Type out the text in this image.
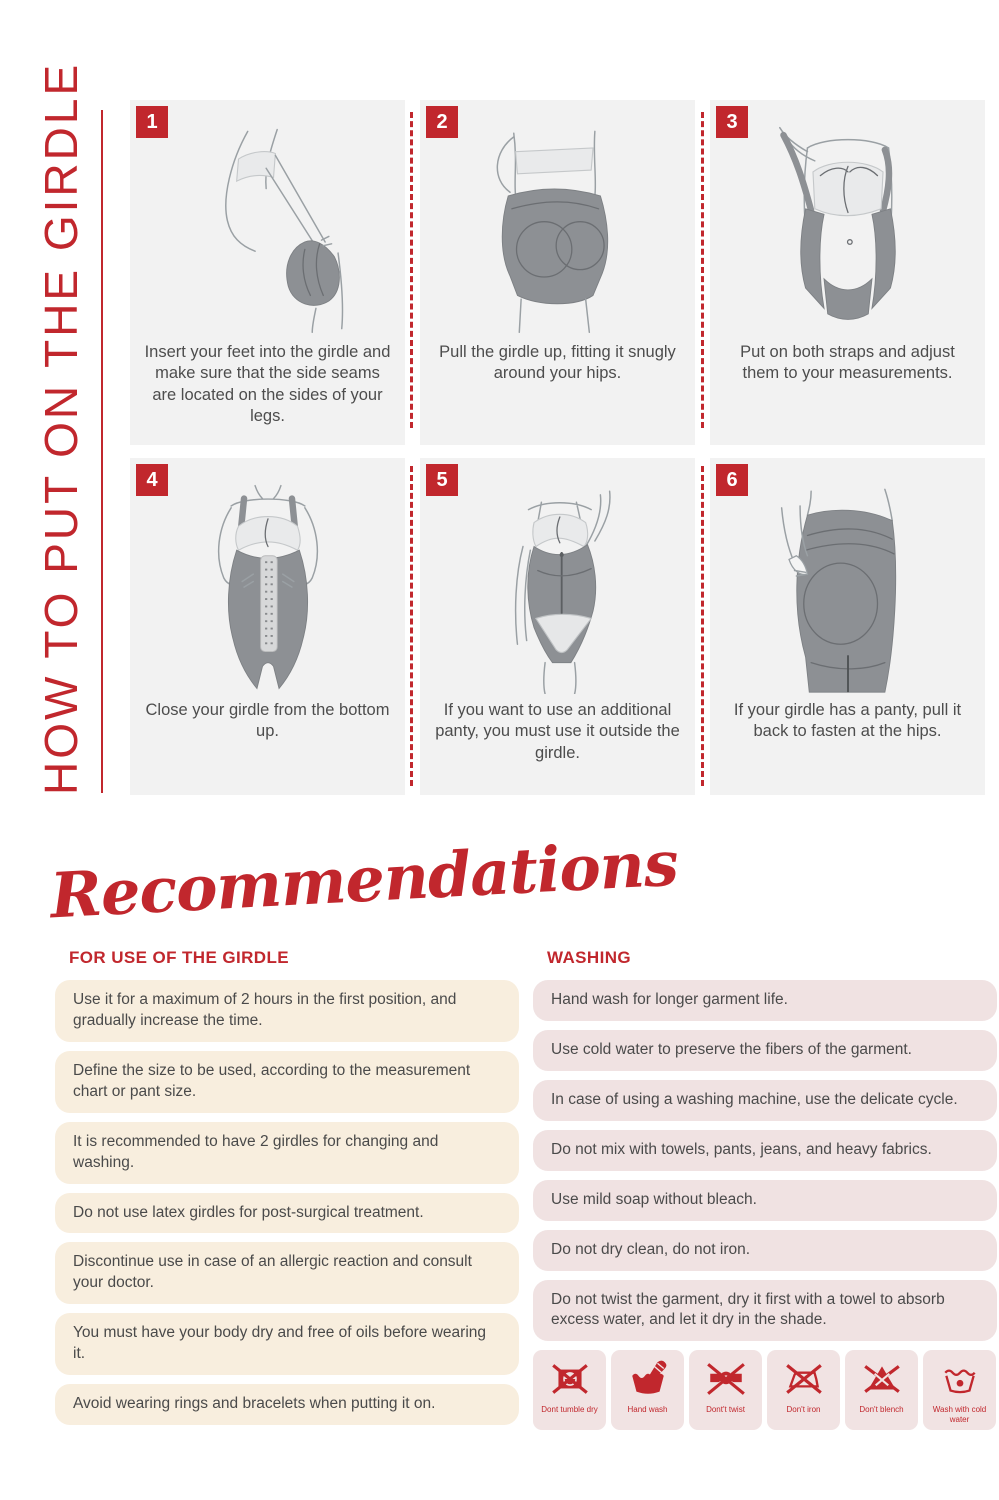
HOW TO PUT ON THE GIRDLE	1
Insert your feet into the girdle and make sure that the side seams are located on the sides of your legs.
2
Pull the girdle up, fitting it snugly around your hips.
3
Put on both straps and adjust them to your measurements.
4
Close your girdle from the bottom up.
5
If you want to use an additional panty, you must use it outside the girdle.
6
If your girdle has a panty, pull it back to fasten at the hips.
Recommendations
FOR USE OF THE GIRDLE
Use it for a maximum of 2 hours in the first position, and gradually increase the time.
Define the size to be used, according to the measurement chart or pant size.
It is recommended to have 2 girdles for changing and washing.
Do not use latex girdles for post-surgical treatment.
Discontinue use in case of an allergic reaction and consult your doctor.
You must have your body dry and free of oils before wearing it.
Avoid wearing rings and bracelets when putting it on.
WASHING
Hand wash for longer garment life.
Use cold water to preserve the fibers of the garment.
In case of using a washing machine, use the delicate cycle.
Do not mix with towels, pants, jeans, and heavy fabrics.
Use mild soap without bleach.
Do not dry clean, do not iron.
Do not twist the garment, dry it first with a towel to absorb excess water, and let it dry in the shade.
Dont tumble dry	Hand wash	Dont't twist	Don't iron	Don't blench	Wash with cold water
